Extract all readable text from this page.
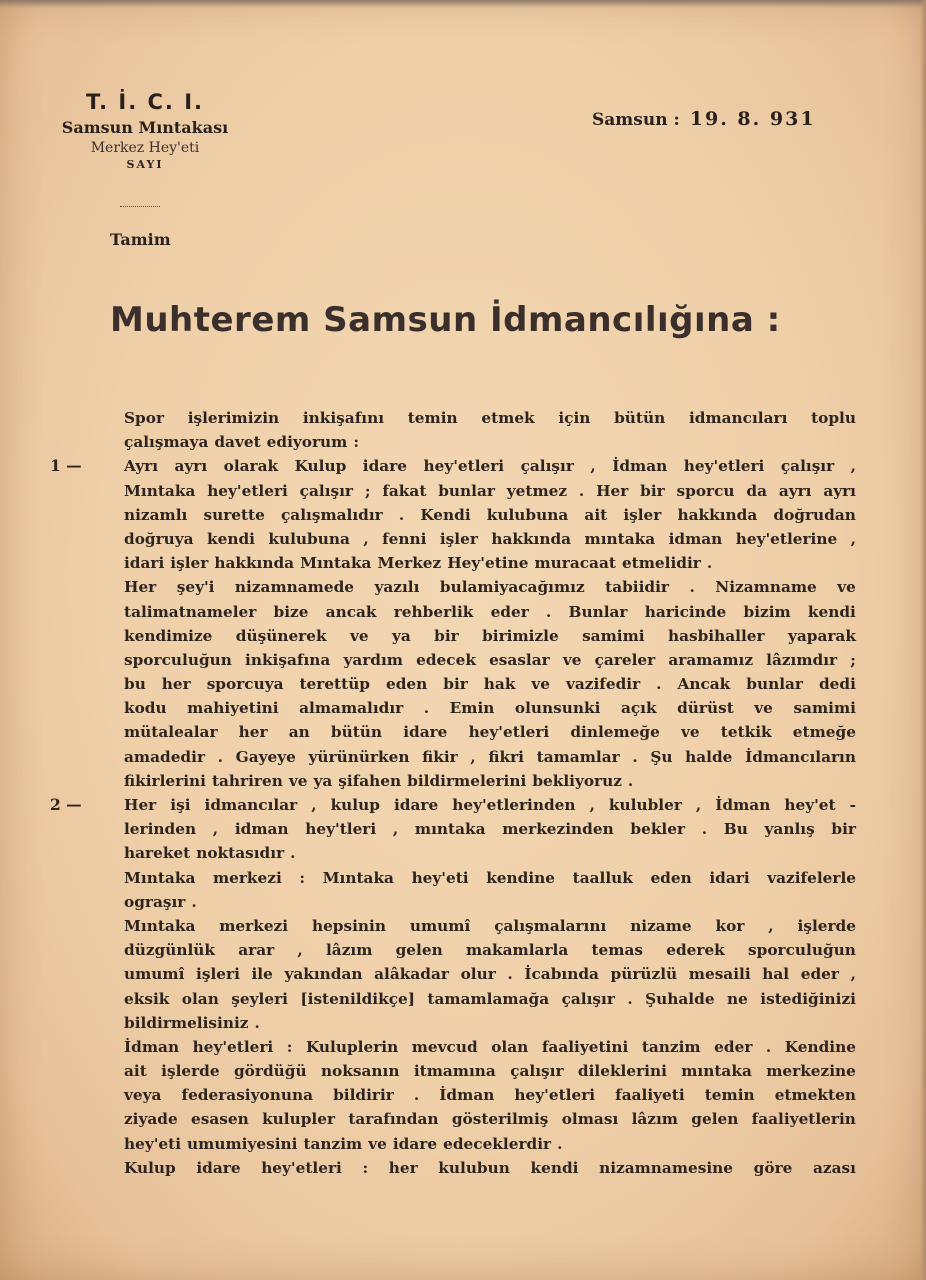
T. İ. C. I.
Samsun Mıntakası
Merkez Hey'eti
SAYI
Samsun : 19. 8. 931
Tamim
Muhterem Samsun İdmancılığına :
Spor işlerimizin inkişafını temin etmek için bütün idmancıları toplu
çalışmaya davet ediyorum :
1 —	Ayrı ayrı olarak Kulup idare hey'etleri çalışır , İdman hey'etleri çalışır ,
Mıntaka hey'etleri çalışır ; fakat bunlar yetmez . Her bir sporcu da ayrı ayrı
nizamlı surette çalışmalıdır . Kendi kulubuna ait işler hakkında doğrudan
doğruya kendi kulubuna , fenni işler hakkında mıntaka idman hey'etlerine ,
idari işler hakkında Mıntaka Merkez Hey'etine muracaat etmelidir .
Her şey'i nizamnamede yazılı bulamiyacağımız tabiidir . Nizamname ve
talimatnameler bize ancak rehberlik eder . Bunlar haricinde bizim kendi
kendimize düşünerek ve ya bir birimizle samimi hasbihaller yaparak
sporculuğun inkişafına yardım edecek esaslar ve çareler aramamız lâzımdır ;
bu her sporcuya terettüp eden bir hak ve vazifedir . Ancak bunlar dedi
kodu mahiyetini almamalıdır . Emin olunsunki açık dürüst ve samimi
mütalealar her an bütün idare hey'etleri dinlemeğe ve tetkik etmeğe
amadedir . Gayeye yürünürken fikir , fikri tamamlar . Şu halde İdmancıların
fikirlerini tahriren ve ya şifahen bildirmelerini bekliyoruz .
2 —	Her işi idmancılar , kulup idare hey'etlerinden , kulubler , İdman hey'et -
lerinden , idman hey'tleri , mıntaka merkezinden bekler . Bu yanlış bir
hareket noktasıdır .
Mıntaka merkezi : Mıntaka hey'eti kendine taalluk eden idari vazifelerle
ograşır .
Mıntaka merkezi hepsinin umumî çalışmalarını nizame kor , işlerde
düzgünlük arar , lâzım gelen makamlarla temas ederek sporculuğun
umumî işleri ile yakından alâkadar olur . İcabında pürüzlü mesaili hal eder ,
eksik olan şeyleri [istenildikçe] tamamlamağa çalışır . Şuhalde ne istediğinizi
bildirmelisiniz .
İdman hey'etleri : Kuluplerin mevcud olan faaliyetini tanzim eder . Kendine
ait işlerde gördüğü noksanın itmamına çalışır dileklerini mıntaka merkezine
veya federasiyonuna bildirir . İdman hey'etleri faaliyeti temin etmekten
ziyade esasen kulupler tarafından gösterilmiş olması lâzım gelen faaliyetlerin
hey'eti umumiyesini tanzim ve idare edeceklerdir .
Kulup idare hey'etleri : her kulubun kendi nizamnamesine göre azası
